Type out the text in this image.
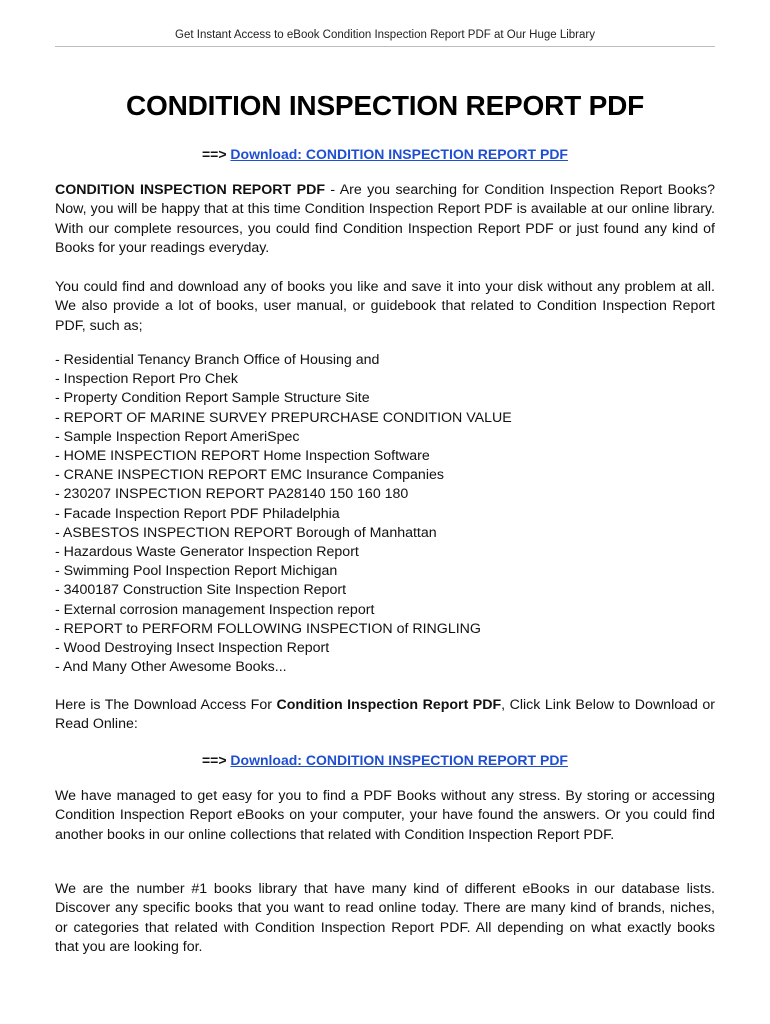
Get Instant Access to eBook Condition Inspection Report PDF at Our Huge Library
CONDITION INSPECTION REPORT PDF
==> Download: CONDITION INSPECTION REPORT PDF

CONDITION INSPECTION REPORT PDF - Are you searching for Condition Inspection Report Books? Now, you will be happy that at this time Condition Inspection Report PDF is available at our online library. With our complete resources, you could find Condition Inspection Report PDF or just found any kind of Books for your readings everyday.

You could find and download any of books you like and save it into your disk without any problem at all. We also provide a lot of books, user manual, or guidebook that related to Condition Inspection Report PDF, such as;

- Residential Tenancy Branch Office of Housing and
- Inspection Report Pro Chek
- Property Condition Report Sample Structure Site
- REPORT OF MARINE SURVEY PREPURCHASE CONDITION VALUE
- Sample Inspection Report AmeriSpec
- HOME INSPECTION REPORT Home Inspection Software
- CRANE INSPECTION REPORT EMC Insurance Companies
- 230207 INSPECTION REPORT PA28140 150 160 180
- Facade Inspection Report PDF Philadelphia
- ASBESTOS INSPECTION REPORT Borough of Manhattan
- Hazardous Waste Generator Inspection Report
- Swimming Pool Inspection Report Michigan
- 3400187 Construction Site Inspection Report
- External corrosion management Inspection report
- REPORT to PERFORM FOLLOWING INSPECTION of RINGLING
- Wood Destroying Insect Inspection Report
- And Many Other Awesome Books...

Here is The Download Access For Condition Inspection Report PDF, Click Link Below to Download or Read Online:

==> Download: CONDITION INSPECTION REPORT PDF

We have managed to get easy for you to find a PDF Books without any stress. By storing or accessing Condition Inspection Report eBooks on your computer, your have found the answers. Or you could find another books in our online collections that related with Condition Inspection Report PDF.

We are the number #1 books library that have many kind of different eBooks in our database lists. Discover any specific books that you want to read online today. There are many kind of brands, niches, or categories that related with Condition Inspection Report PDF. All depending on what exactly books that you are looking for.
